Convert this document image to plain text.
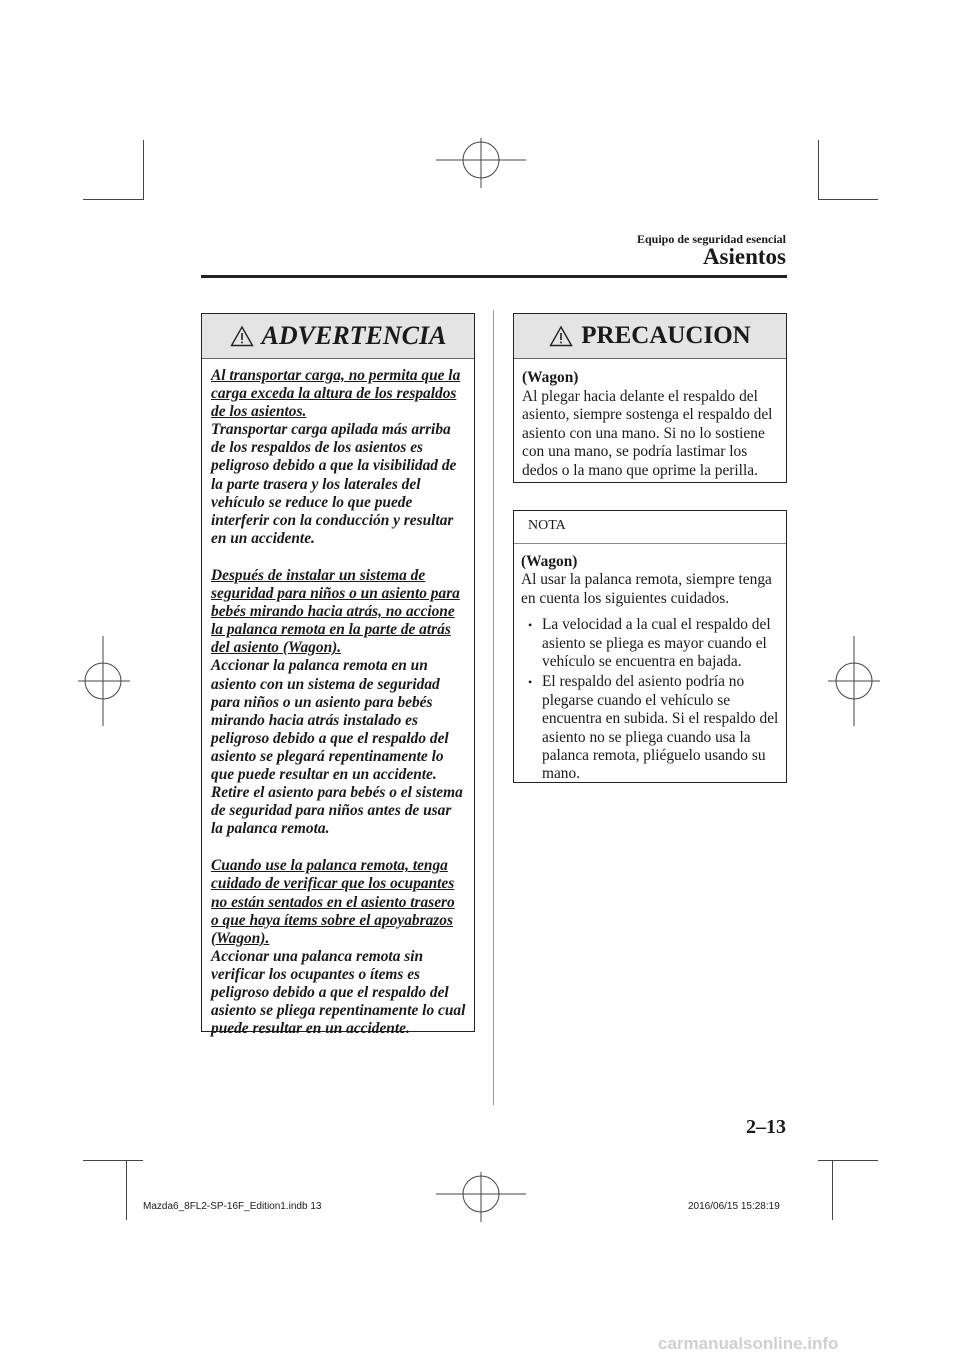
Equipo de seguridad esencial
Asientos
ADVERTENCIA
Al transportar carga, no permita que la carga exceda la altura de los respaldos de los asientos.
Transportar carga apilada más arriba de los respaldos de los asientos es peligroso debido a que la visibilidad de la parte trasera y los laterales del vehículo se reduce lo que puede interferir con la conducción y resultar en un accidente.
Después de instalar un sistema de seguridad para niños o un asiento para bebés mirando hacia atrás, no accione la palanca remota en la parte de atrás del asiento (Wagon).
Accionar la palanca remota en un asiento con un sistema de seguridad para niños o un asiento para bebés mirando hacia atrás instalado es peligroso debido a que el respaldo del asiento se plegará repentinamente lo que puede resultar en un accidente. Retire el asiento para bebés o el sistema de seguridad para niños antes de usar la palanca remota.
Cuando use la palanca remota, tenga cuidado de verificar que los ocupantes no están sentados en el asiento trasero o que haya ítems sobre el apoyabrazos (Wagon).
Accionar una palanca remota sin verificar los ocupantes o ítems es peligroso debido a que el respaldo del asiento se pliega repentinamente lo cual puede resultar en un accidente.
PRECAUCION
(Wagon)
Al plegar hacia delante el respaldo del asiento, siempre sostenga el respaldo del asiento con una mano. Si no lo sostiene con una mano, se podría lastimar los dedos o la mano que oprime la perilla.
NOTA
(Wagon)
Al usar la palanca remota, siempre tenga en cuenta los siguientes cuidados.
• La velocidad a la cual el respaldo del asiento se pliega es mayor cuando el vehículo se encuentra en bajada.
• El respaldo del asiento podría no plegarse cuando el vehículo se encuentra en subida. Si el respaldo del asiento no se pliega cuando usa la palanca remota, pliéguelo usando su mano.
2–13
Mazda6_8FL2-SP-16F_Edition1.indb 13	2016/06/15 15:28:19
carmanualsonline.info
